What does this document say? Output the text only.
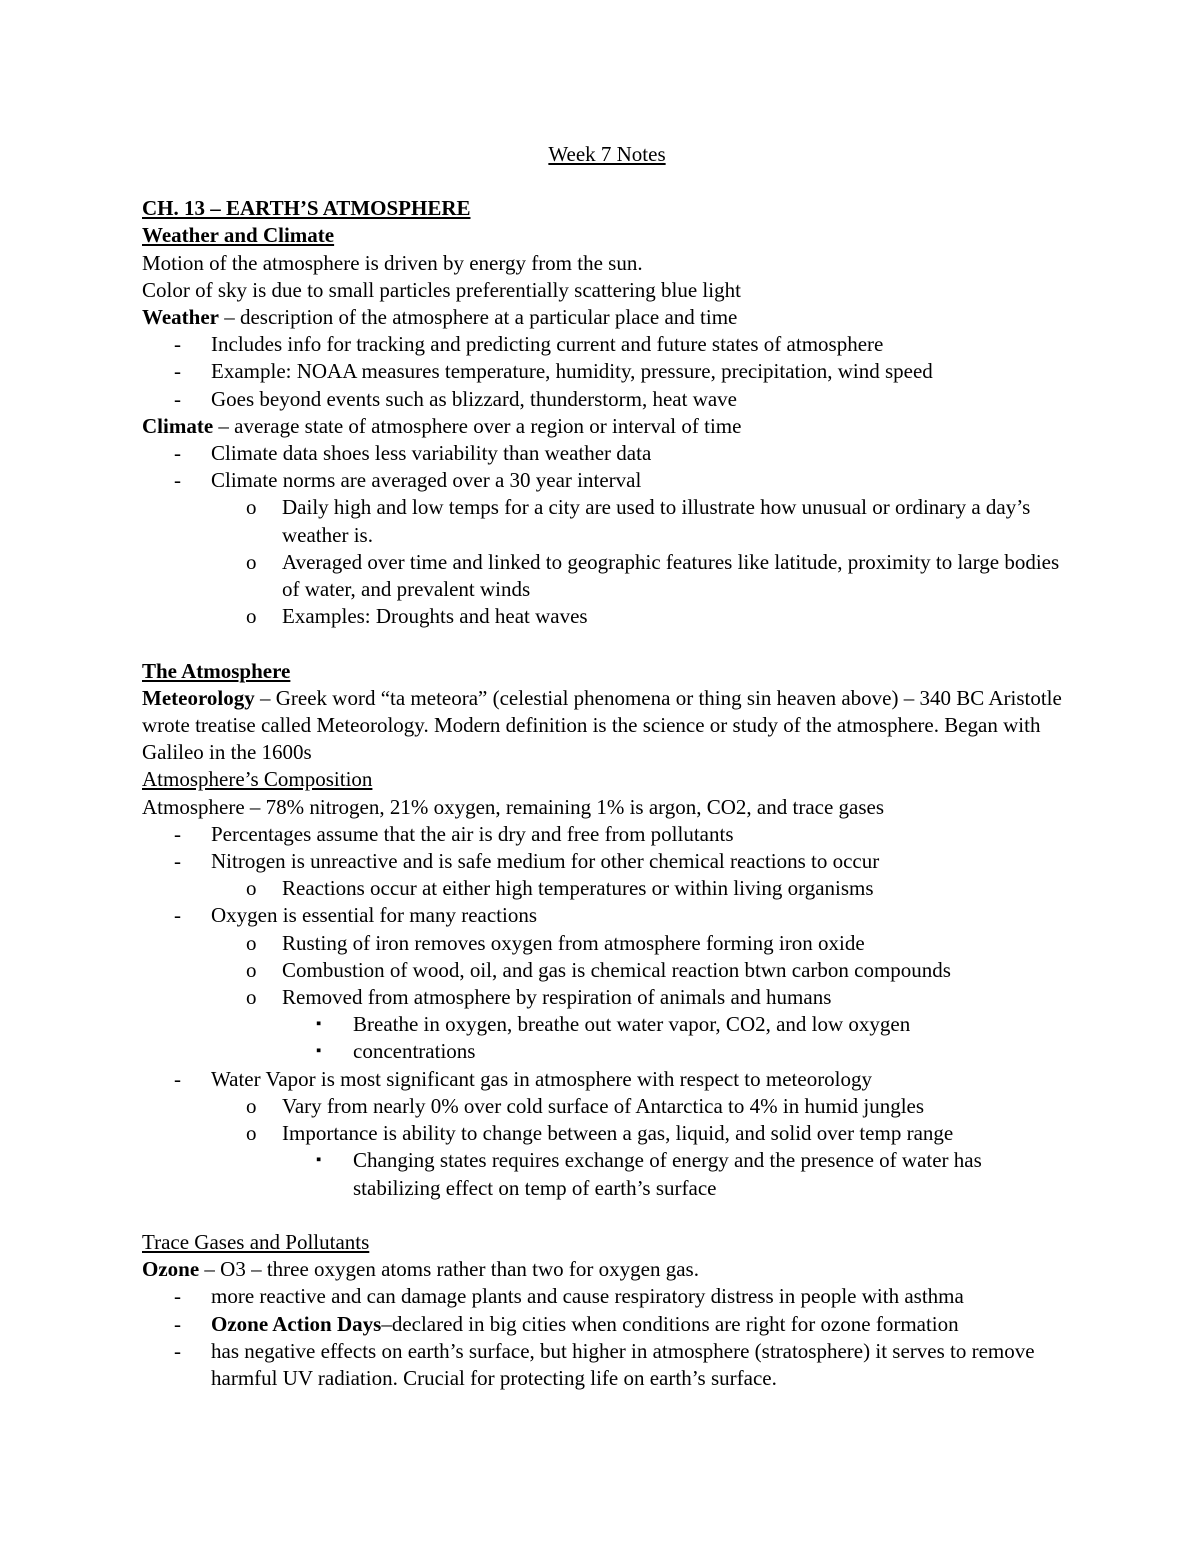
Week 7 Notes
CH. 13 – EARTH’S ATMOSPHERE
Weather and Climate
Motion of the atmosphere is driven by energy from the sun.
Color of sky is due to small particles preferentially scattering blue light
Weather – description of the atmosphere at a particular place and time
- Includes info for tracking and predicting current and future states of atmosphere
- Example: NOAA measures temperature, humidity, pressure, precipitation, wind speed
- Goes beyond events such as blizzard, thunderstorm, heat wave
Climate – average state of atmosphere over a region or interval of time
- Climate data shoes less variability than weather data
- Climate norms are averaged over a 30 year interval
o Daily high and low temps for a city are used to illustrate how unusual or ordinary a day’s weather is.
o Averaged over time and linked to geographic features like latitude, proximity to large bodies of water, and prevalent winds
o Examples: Droughts and heat waves
The Atmosphere
Meteorology – Greek word “ta meteora” (celestial phenomena or thing sin heaven above) – 340 BC Aristotle wrote treatise called Meteorology. Modern definition is the science or study of the atmosphere. Began with Galileo in the 1600s
Atmosphere’s Composition
Atmosphere – 78% nitrogen, 21% oxygen, remaining 1% is argon, CO2, and trace gases
- Percentages assume that the air is dry and free from pollutants
- Nitrogen is unreactive and is safe medium for other chemical reactions to occur
o Reactions occur at either high temperatures or within living organisms
- Oxygen is essential for many reactions
o Rusting of iron removes oxygen from atmosphere forming iron oxide
o Combustion of wood, oil, and gas is chemical reaction btwn carbon compounds
o Removed from atmosphere by respiration of animals and humans
▪ Breathe in oxygen, breathe out water vapor, CO2, and low oxygen
▪ concentrations
- Water Vapor is most significant gas in atmosphere with respect to meteorology
o Vary from nearly 0% over cold surface of Antarctica to 4% in humid jungles
o Importance is ability to change between a gas, liquid, and solid over temp range
▪ Changing states requires exchange of energy and the presence of water has stabilizing effect on temp of earth’s surface
Trace Gases and Pollutants
Ozone – O3 – three oxygen atoms rather than two for oxygen gas.
- more reactive and can damage plants and cause respiratory distress in people with asthma
- Ozone Action Days–declared in big cities when conditions are right for ozone formation
- has negative effects on earth’s surface, but higher in atmosphere (stratosphere) it serves to remove harmful UV radiation. Crucial for protecting life on earth’s surface.
